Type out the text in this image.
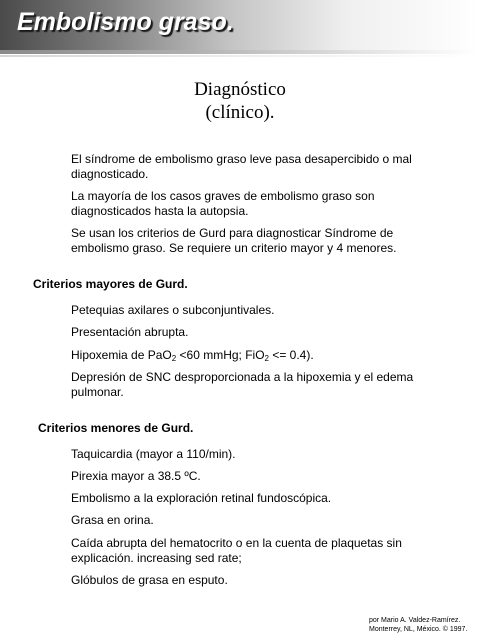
Embolismo graso.
Diagnóstico
(clínico).

El síndrome de embolismo graso leve pasa desapercibido o mal diagnosticado.

La mayoría de los casos graves de embolismo graso son diagnosticados hasta la autopsia.

Se usan los criterios de Gurd para diagnosticar Síndrome de embolismo graso. Se requiere un criterio mayor y 4 menores.

Criterios mayores de Gurd.

Petequias axilares o subconjuntivales.

Presentación abrupta.

Hipoxemia de PaO$_2$ <60 mmHg; FiO$_2$ <= 0.4).

Depresión de SNC desproporcionada a la hipoxemia y el edema pulmonar.

Criterios menores de Gurd.

Taquicardia (mayor a 110/min).

Pirexia mayor a 38.5 ºC.

Embolismo a la exploración retinal fundoscópica.

Grasa en orina.

Caída abrupta del hematocrito o en la cuenta de plaquetas sin explicación. increasing sed rate;

Glóbulos de grasa en esputo.

por Mario A. Valdez-Ramírez.
Monterrey, NL, México. © 1997.
